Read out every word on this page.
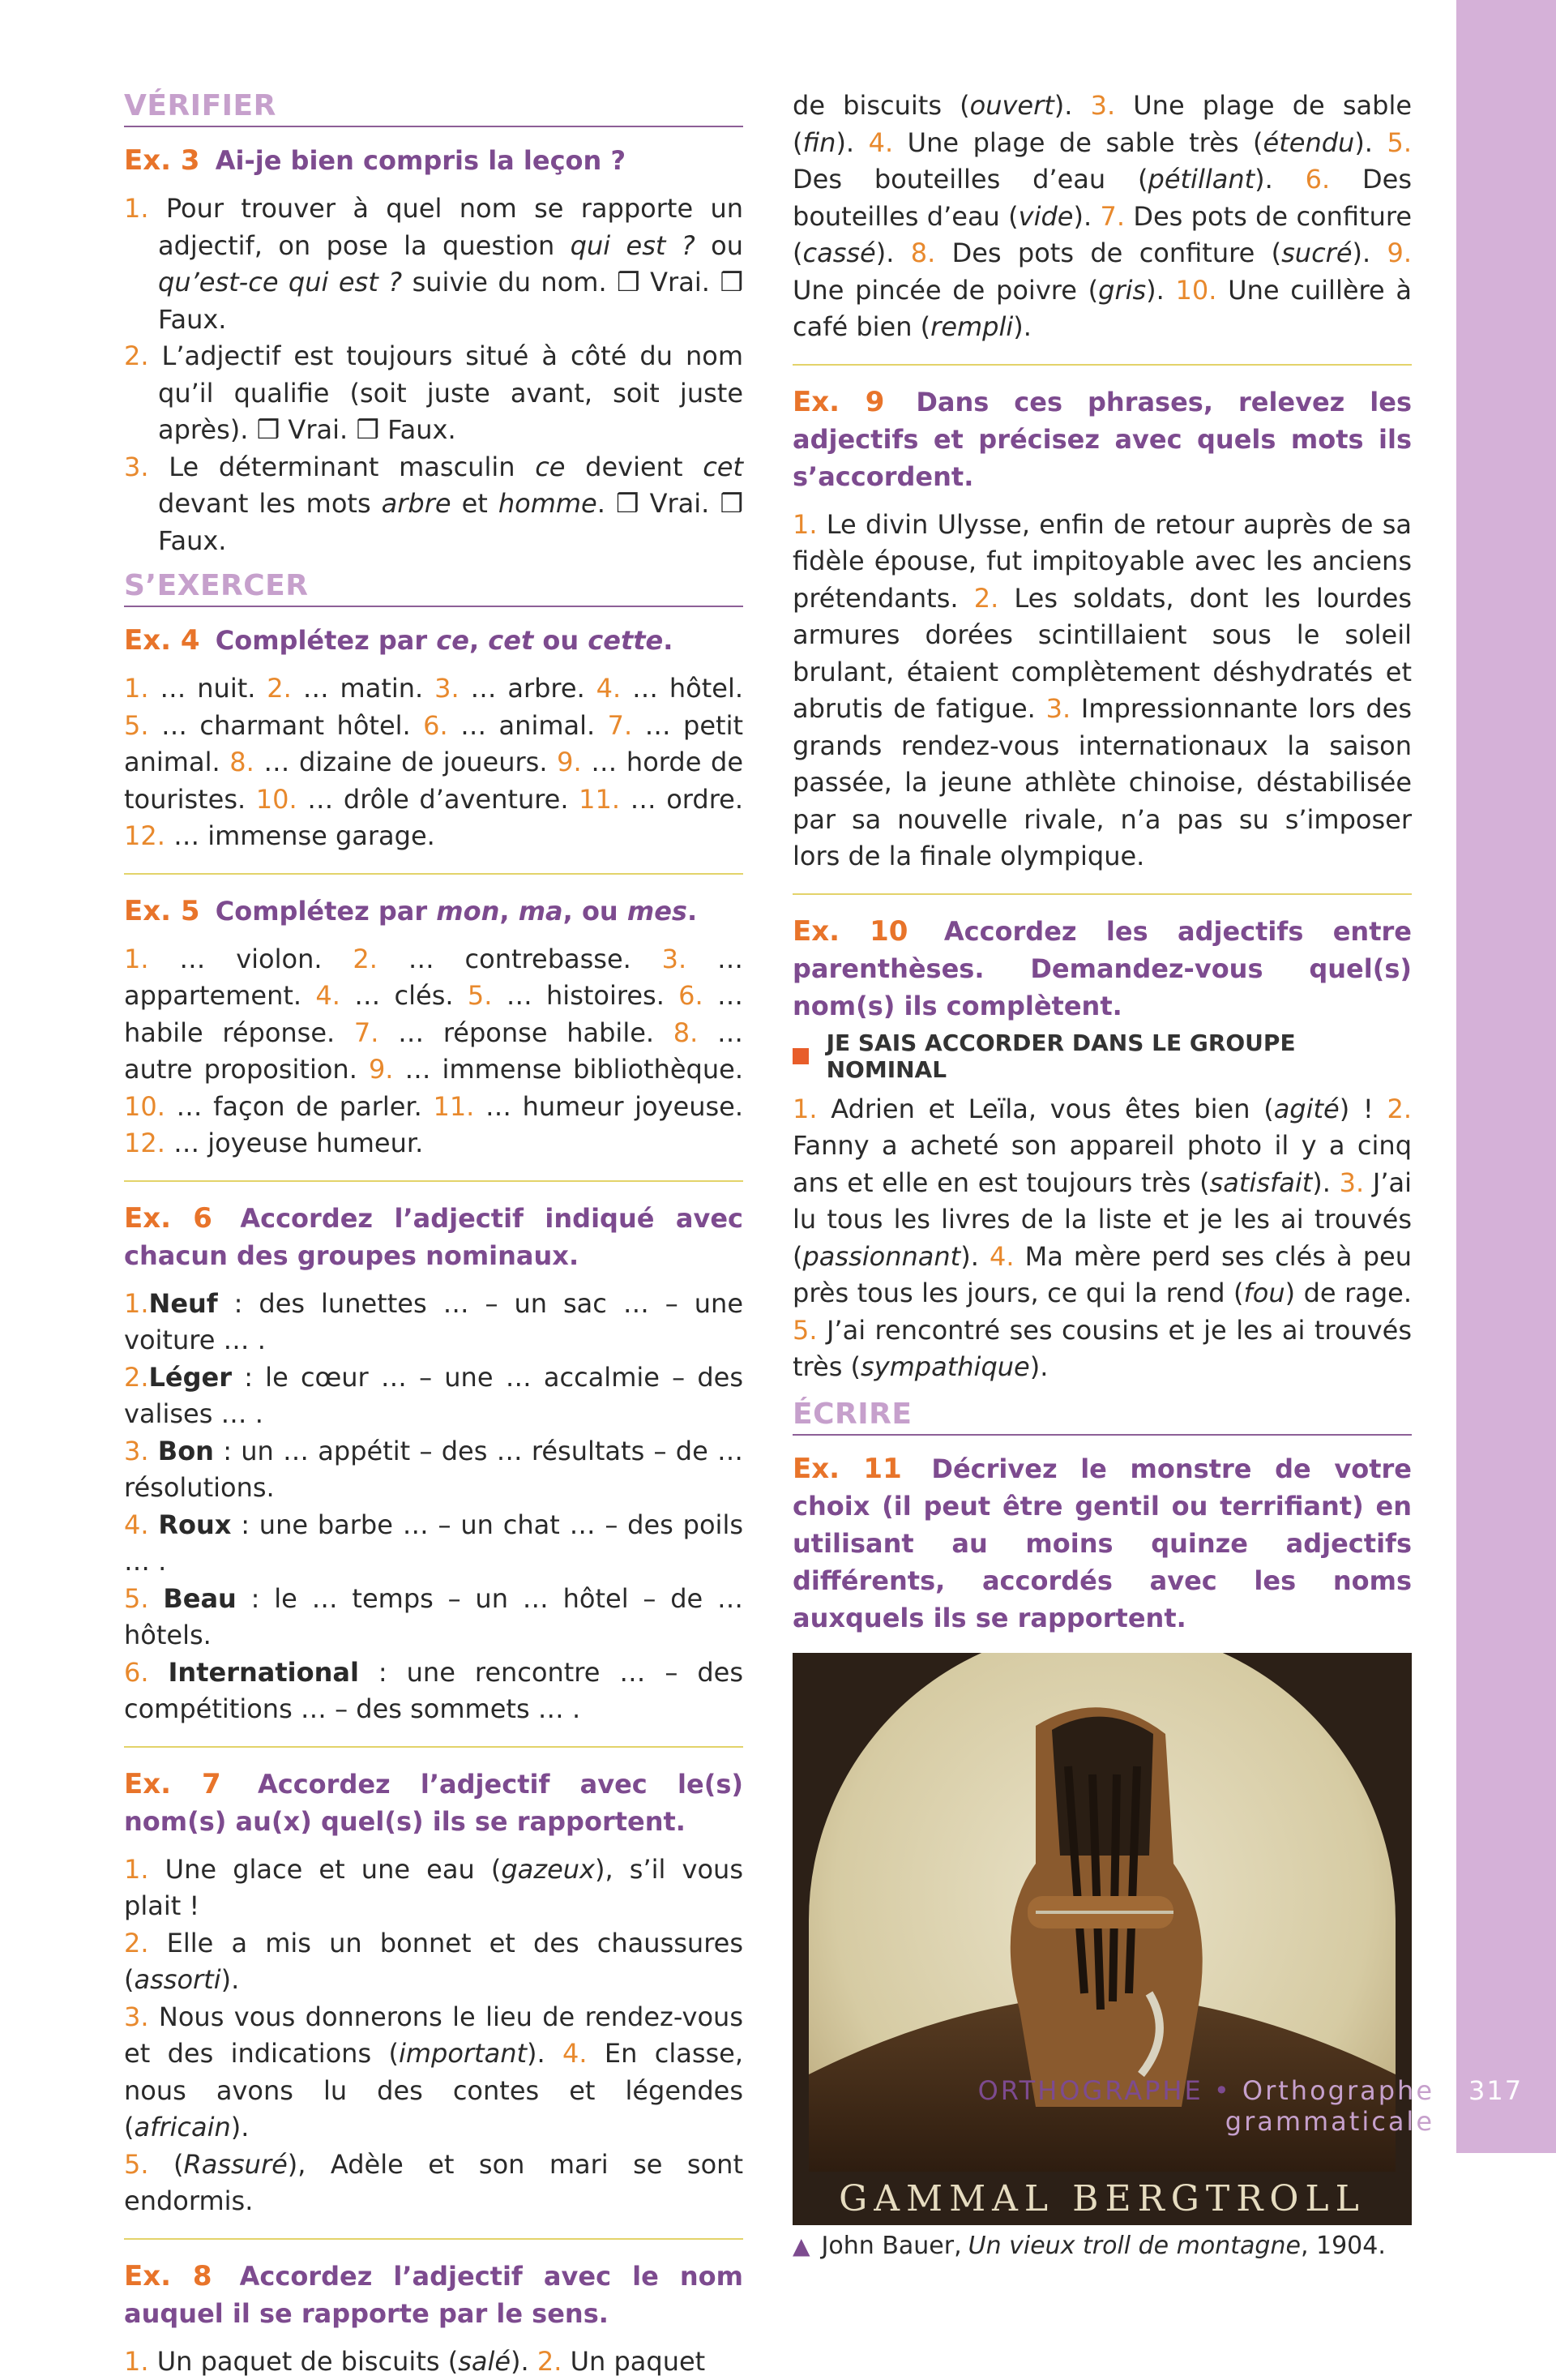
VÉRIFIER
Ex. 3 Ai-je bien compris la leçon ?

1. Pour trouver à quel nom se rapporte un adjectif, on pose la question qui est ? ou qu’est-ce qui est ? suivie du nom. ❒ Vrai. ❒ Faux.

2. L’adjectif est toujours situé à côté du nom qu’il qualifie (soit juste avant, soit juste après). ❒ Vrai. ❒ Faux.

3. Le déterminant masculin ce devient cet devant les mots arbre et homme. ❒ Vrai. ❒ Faux.

S’EXERCER
Ex. 4 Complétez par ce, cet ou cette.
1. … nuit. 2. … matin. 3. … arbre. 4. … hôtel. 5. … charmant hôtel. 6. … animal. 7. … petit animal. 8. … dizaine de joueurs. 9. … horde de touristes. 10. … drôle d’aventure. 11. … ordre. 12. … immense garage.
Ex. 5 Complétez par mon, ma, ou mes.
1. … violon. 2. … contrebasse. 3. … appartement. 4. … clés. 5. … histoires. 6. … habile réponse. 7. … réponse habile. 8. … autre proposition. 9. … immense bibliothèque. 10. … façon de parler. 11. … humeur joyeuse. 12. … joyeuse humeur.
Ex. 6 Accordez l’adjectif indiqué avec chacun des groupes nominaux.
1.Neuf : des lunettes … – un sac … – une voiture … .
2.Léger : le cœur … – une … accalmie – des valises … .
3. Bon : un … appétit – des … résultats – de … résolutions.
4. Roux : une barbe … – un chat … – des poils … .
5. Beau : le … temps – un … hôtel – de … hôtels.
6. International : une rencontre … – des compétitions … – des sommets … .
Ex. 7 Accordez l’adjectif avec le(s) nom(s) au(x) quel(s) ils se rapportent.
1. Une glace et une eau (gazeux), s’il vous plait !
2. Elle a mis un bonnet et des chaussures (assorti).
3. Nous vous donnerons le lieu de rendez-vous et des indications (important). 4. En classe, nous avons lu des contes et légendes (africain).
5. (Rassuré), Adèle et son mari se sont endormis.
Ex. 8 Accordez l’adjectif avec le nom auquel il se rapporte par le sens.
1. Un paquet de biscuits (salé). 2. Un paquet
de biscuits (ouvert). 3. Une plage de sable (fin). 4. Une plage de sable très (étendu). 5. Des bouteilles d’eau (pétillant). 6. Des bouteilles d’eau (vide). 7. Des pots de confiture (cassé). 8. Des pots de confiture (sucré). 9. Une pincée de poivre (gris). 10. Une cuillère à café bien (rempli).
Ex. 9 Dans ces phrases, relevez les adjectifs et précisez avec quels mots ils s’accordent.
1. Le divin Ulysse, enfin de retour auprès de sa fidèle épouse, fut impitoyable avec les anciens prétendants. 2. Les soldats, dont les lourdes armures dorées scintillaient sous le soleil brulant, étaient complètement déshydratés et abrutis de fatigue. 3. Impressionnante lors des grands rendez-vous internationaux la saison passée, la jeune athlète chinoise, déstabilisée par sa nouvelle rivale, n’a pas su s’imposer lors de la finale olympique.
Ex. 10 Accordez les adjectifs entre parenthèses. Demandez-vous quel(s) nom(s) ils complètent.
JE SAIS ACCORDER DANS LE GROUPE NOMINAL
1. Adrien et Leïla, vous êtes bien (agité) ! 2. Fanny a acheté son appareil photo il y a cinq ans et elle en est toujours très (satisfait). 3. J’ai lu tous les livres de la liste et je les ai trouvés (passionnant). 4. Ma mère perd ses clés à peu près tous les jours, ce qui la rend (fou) de rage. 5. J’ai rencontré ses cousins et je les ai trouvés très (sympathique).
ÉCRIRE
Ex. 11 Décrivez le monstre de votre choix (il peut être gentil ou terrifiant) en utilisant au moins quinze adjectifs différents, accordés avec les noms auxquels ils se rapportent.
GAMMAL BERGTROLL
▲ John Bauer, Un vieux troll de montagne , 1904.
ORTHOGRAPHE • Orthographe grammaticale
317
